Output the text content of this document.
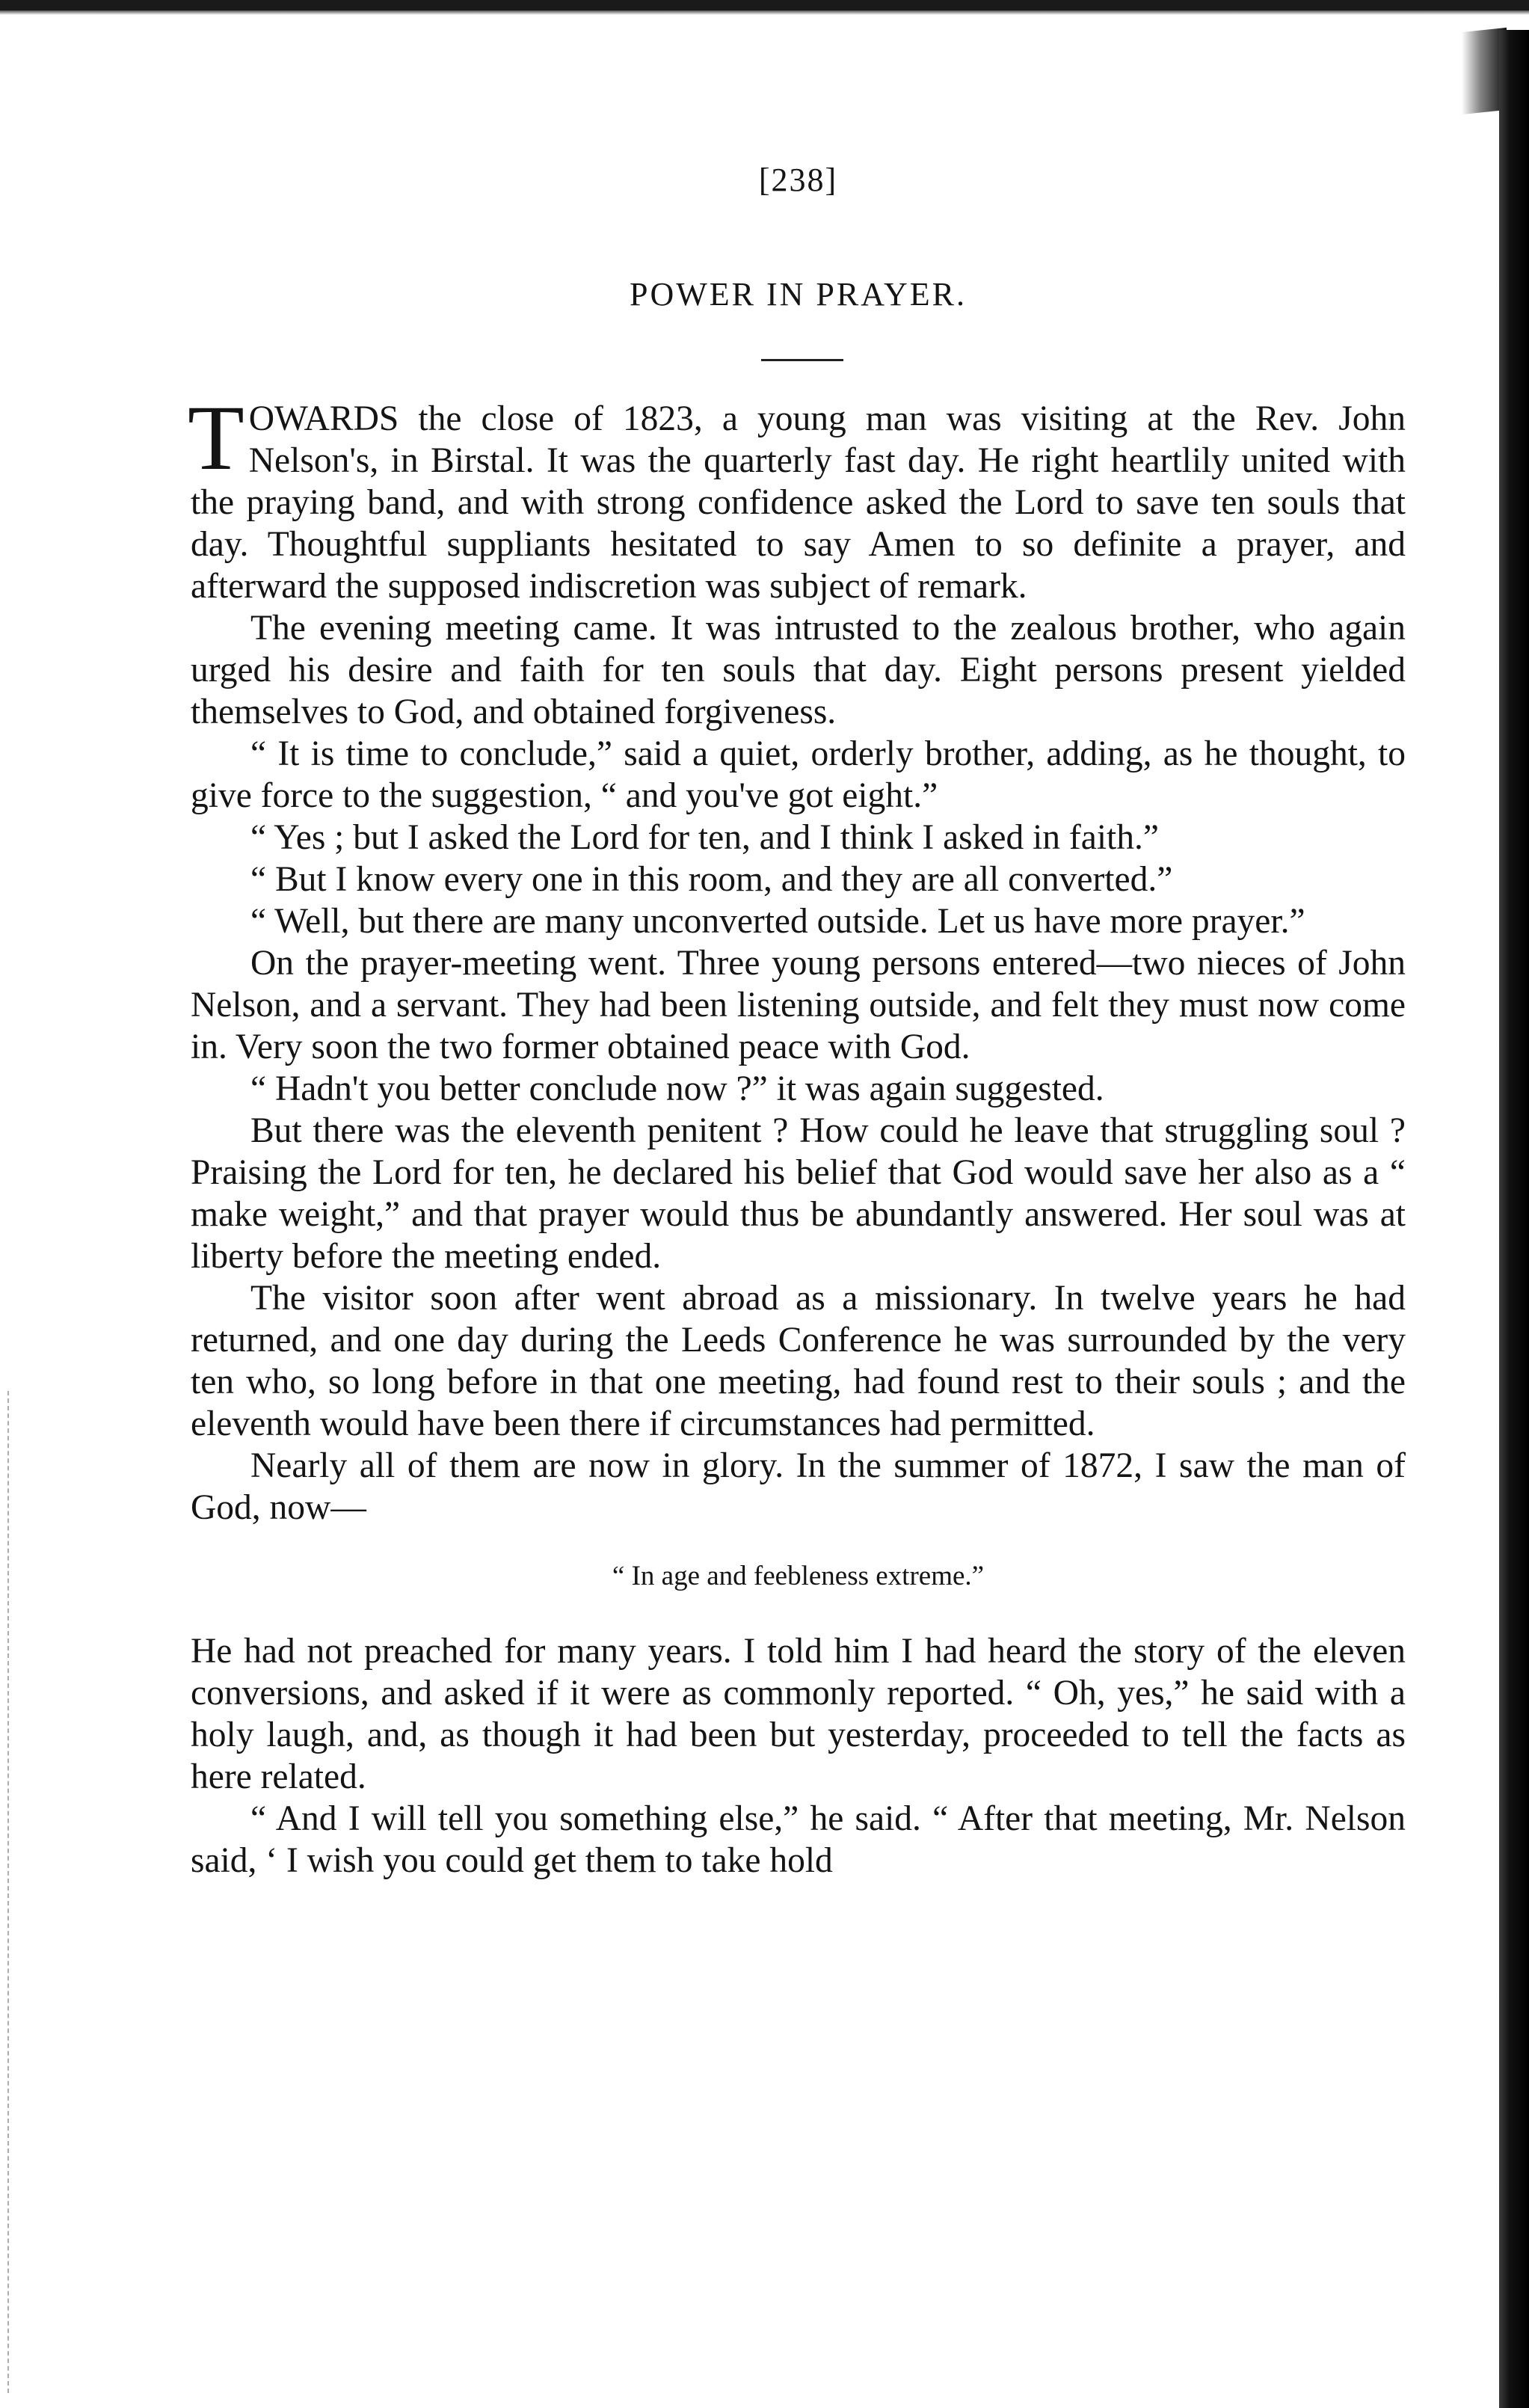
[238]
POWER IN PRAYER.

TOWARDS the close of 1823, a young man was visiting at the Rev. John Nelson's, in Birstal. It was the quarterly fast day. He right heartlily united with the praying band, and with strong confidence asked the Lord to save ten souls that day. Thoughtful suppliants hesitated to say Amen to so definite a prayer, and afterward the supposed indiscretion was subject of remark.

The evening meeting came. It was intrusted to the zealous brother, who again urged his desire and faith for ten souls that day. Eight persons present yielded themselves to God, and obtained forgiveness.

“ It is time to conclude,” said a quiet, orderly brother, adding, as he thought, to give force to the suggestion, “ and you've got eight.”

“ Yes ; but I asked the Lord for ten, and I think I asked in faith.”

“ But I know every one in this room, and they are all converted.”

“ Well, but there are many unconverted outside. Let us have more prayer.”

On the prayer-meeting went. Three young persons entered—two nieces of John Nelson, and a servant. They had been listening outside, and felt they must now come in. Very soon the two former obtained peace with God.

“ Hadn't you better conclude now ?” it was again suggested.

But there was the eleventh penitent ? How could he leave that struggling soul ? Praising the Lord for ten, he declared his belief that God would save her also as a “ make weight,” and that prayer would thus be abundantly answered. Her soul was at liberty before the meeting ended.

The visitor soon after went abroad as a missionary. In twelve years he had returned, and one day during the Leeds Conference he was surrounded by the very ten who, so long before in that one meeting, had found rest to their souls ; and the eleventh would have been there if circumstances had permitted.

Nearly all of them are now in glory. In the summer of 1872, I saw the man of God, now—

“ In age and feebleness extreme.”

He had not preached for many years. I told him I had heard the story of the eleven conversions, and asked if it were as commonly reported. “ Oh, yes,” he said with a holy laugh, and, as though it had been but yesterday, proceeded to tell the facts as here related.

“ And I will tell you something else,” he said. “ After that meeting, Mr. Nelson said, ‘ I wish you could get them to take hold
